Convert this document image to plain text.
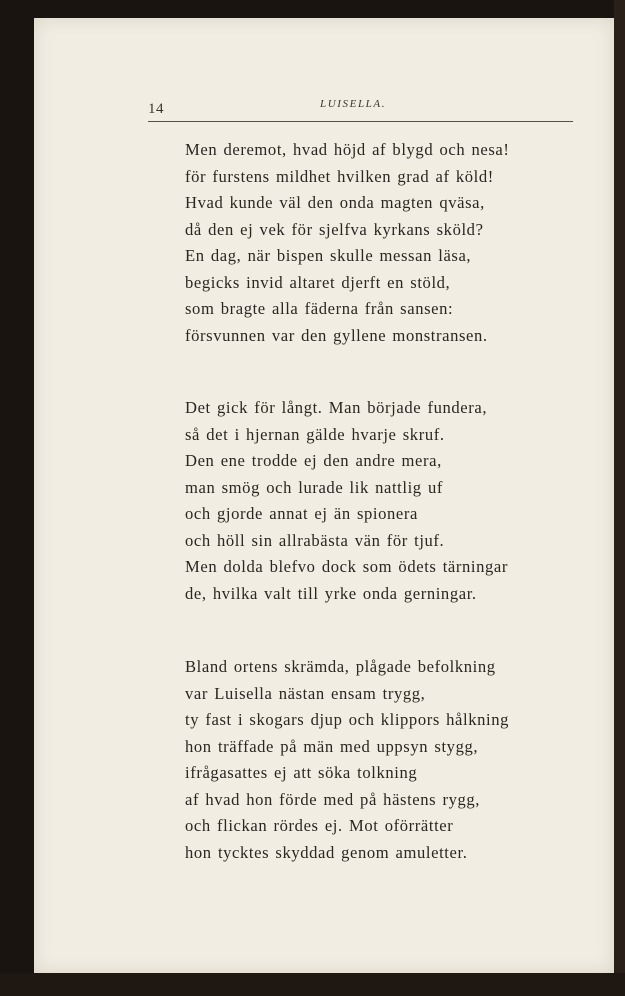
14	LUISELLA.
Men deremot, hvad höjd af blygd och nesa!
för furstens mildhet hvilken grad af köld!
Hvad kunde väl den onda magten qväsa,
då den ej vek för sjelfva kyrkans sköld?
En dag, när bispen skulle messan läsa,
begicks invid altaret djerft en stöld,
som bragte alla fäderna från sansen:
försvunnen var den gyllene monstransen.
Det gick för långt. Man började fundera,
så det i hjernan gälde hvarje skruf.
Den ene trodde ej den andre mera,
man smög och lurade lik nattlig uf
och gjorde annat ej än spionera
och höll sin allrabästa vän för tjuf.
Men dolda blefvo dock som ödets tärningar
de, hvilka valt till yrke onda gerningar.
Bland ortens skrämda, plågade befolkning
var Luisella nästan ensam trygg,
ty fast i skogars djup och klippors hålkning
hon träffade på män med uppsyn stygg,
ifrågasattes ej att söka tolkning
af hvad hon förde med på hästens rygg,
och flickan rördes ej. Mot oförrätter
hon tycktes skyddad genom amuletter.
